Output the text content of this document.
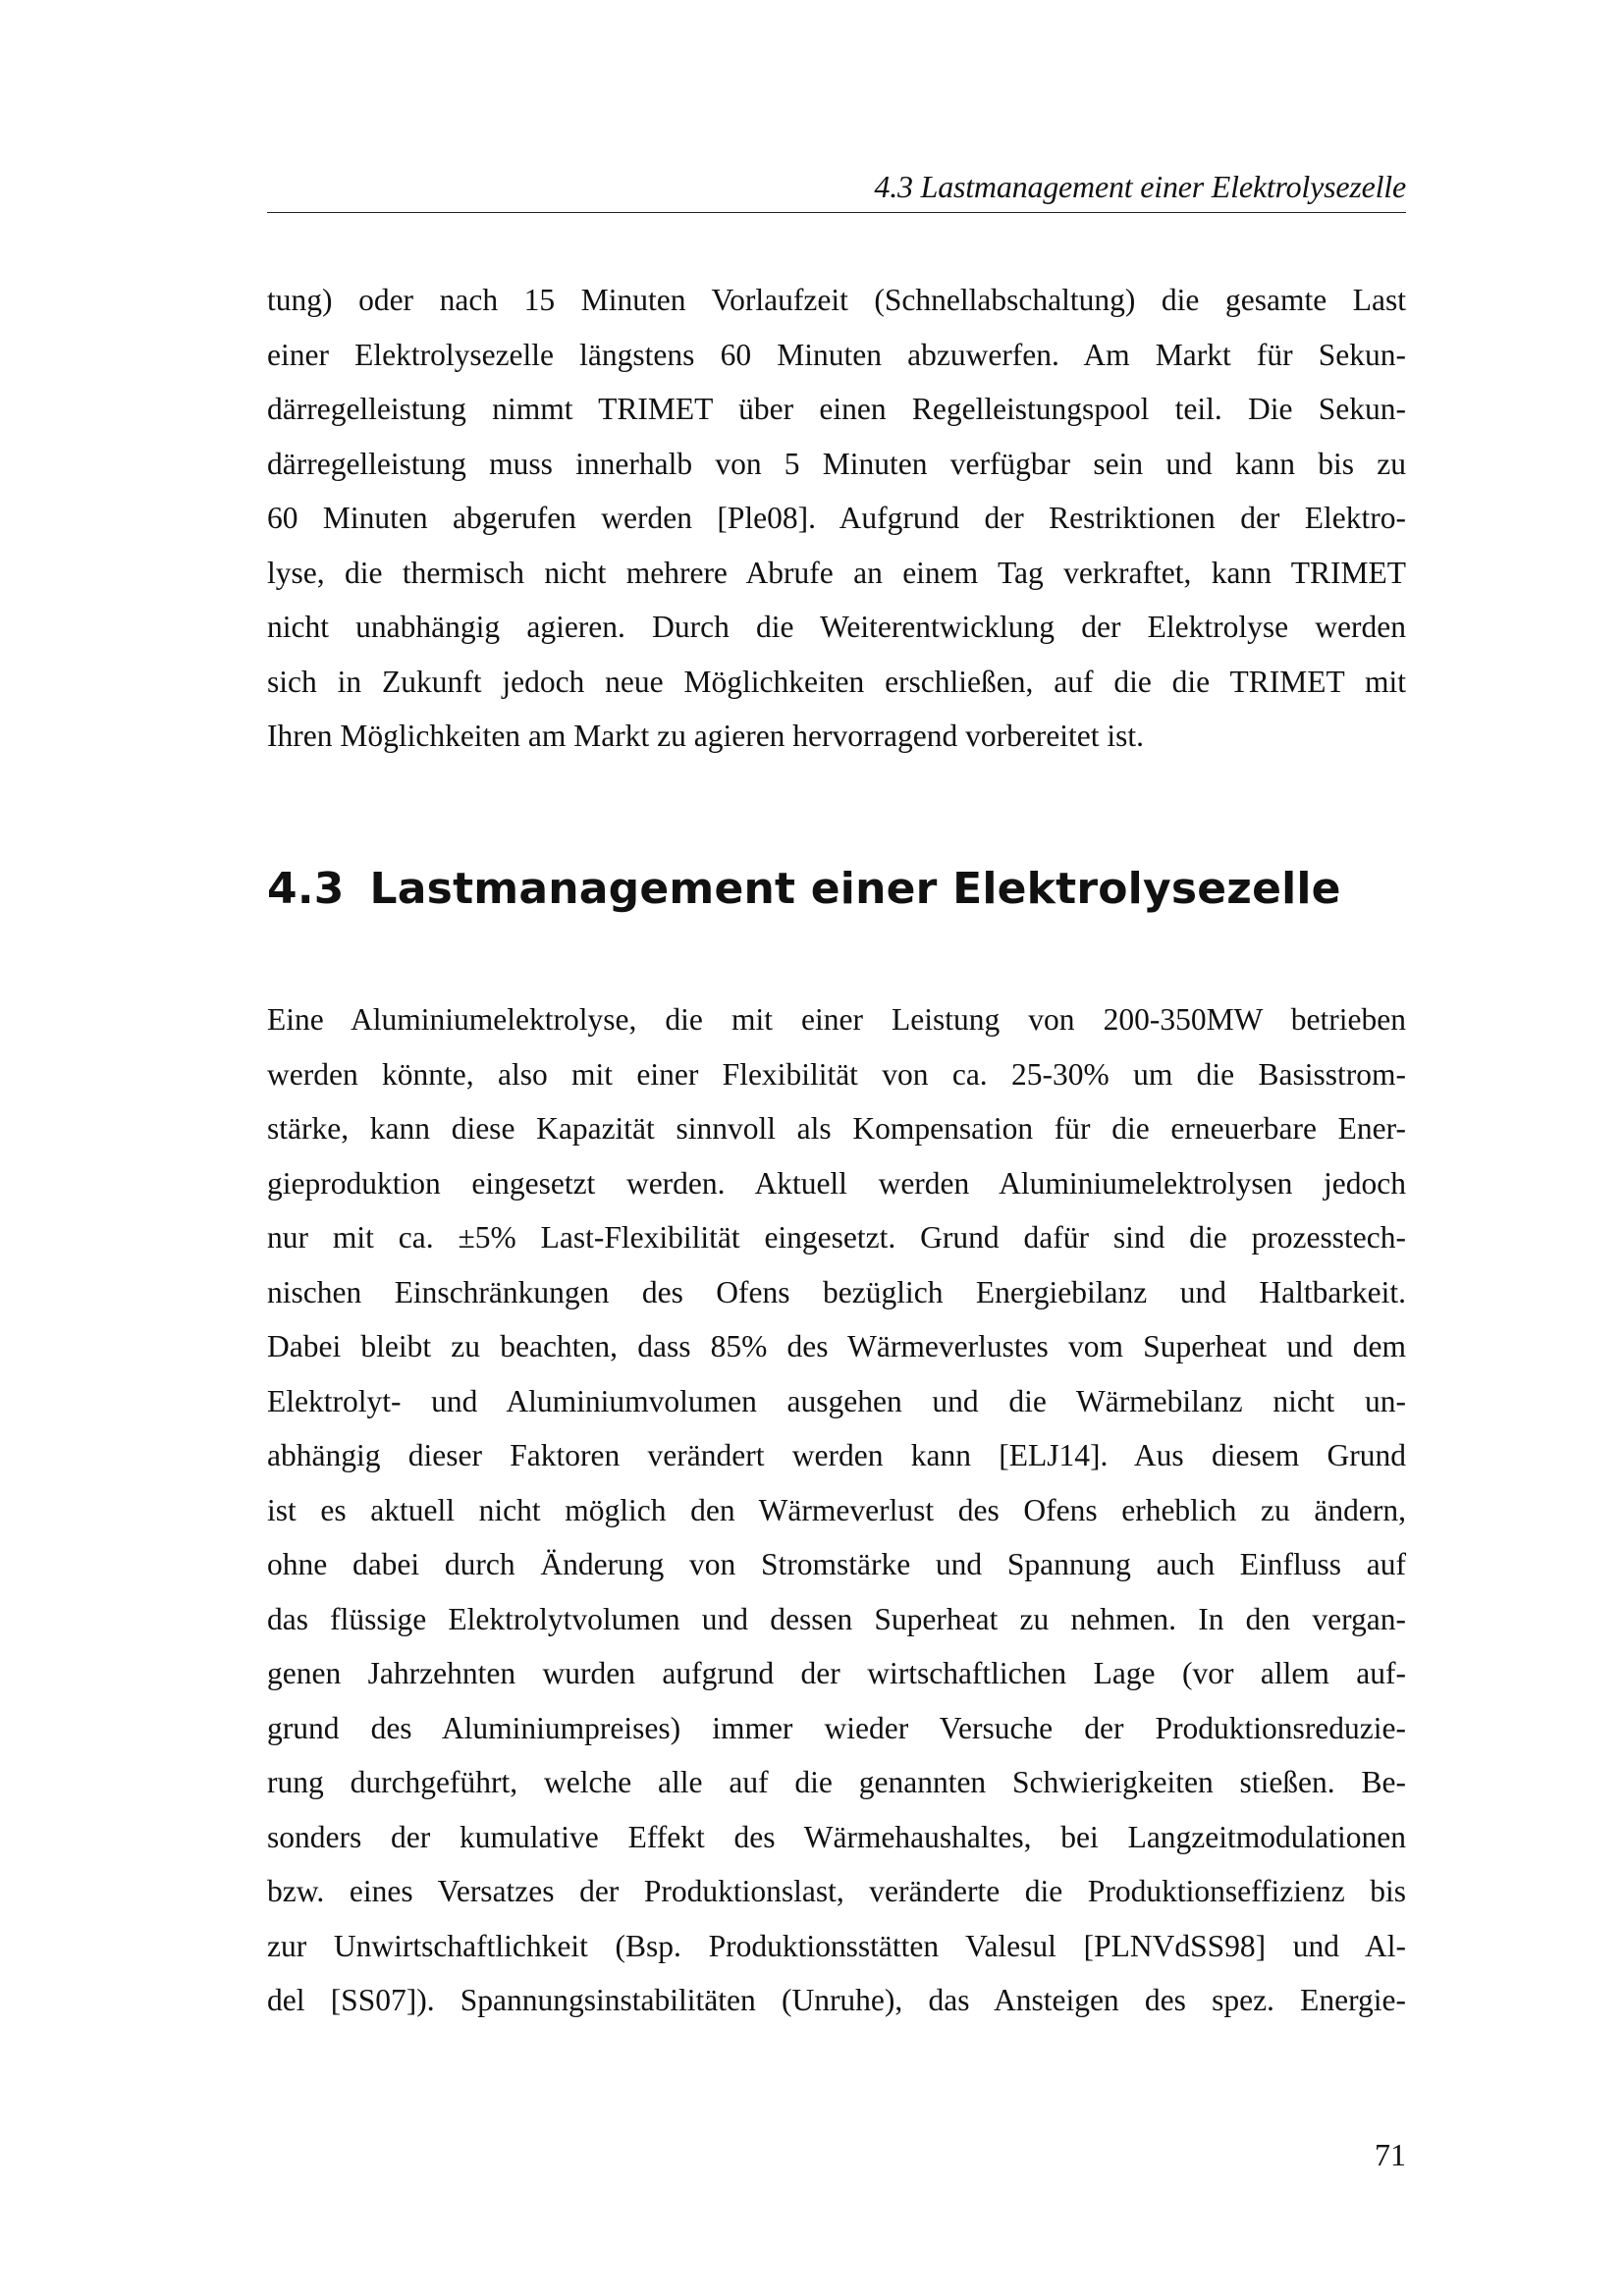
4.3 Lastmanagement einer Elektrolysezelle
tung) oder nach 15 Minuten Vorlaufzeit (Schnellabschaltung) die gesamte Last
einer Elektrolysezelle längstens 60 Minuten abzuwerfen. Am Markt für Sekun-
därregelleistung nimmt TRIMET über einen Regelleistungspool teil. Die Sekun-
därregelleistung muss innerhalb von 5 Minuten verfügbar sein und kann bis zu
60 Minuten abgerufen werden [Ple08]. Aufgrund der Restriktionen der Elektro-
lyse, die thermisch nicht mehrere Abrufe an einem Tag verkraftet, kann TRIMET
nicht unabhängig agieren. Durch die Weiterentwicklung der Elektrolyse werden
sich in Zukunft jedoch neue Möglichkeiten erschließen, auf die die TRIMET mit
Ihren Möglichkeiten am Markt zu agieren hervorragend vorbereitet ist.
4.3 Lastmanagement einer Elektrolysezelle
Eine Aluminiumelektrolyse, die mit einer Leistung von 200-350MW betrieben
werden könnte, also mit einer Flexibilität von ca. 25-30% um die Basisstrom-
stärke, kann diese Kapazität sinnvoll als Kompensation für die erneuerbare Ener-
gieproduktion eingesetzt werden. Aktuell werden Aluminiumelektrolysen jedoch
nur mit ca. ±5% Last-Flexibilität eingesetzt. Grund dafür sind die prozesstech-
nischen Einschränkungen des Ofens bezüglich Energiebilanz und Haltbarkeit.
Dabei bleibt zu beachten, dass 85% des Wärmeverlustes vom Superheat und dem
Elektrolyt- und Aluminiumvolumen ausgehen und die Wärmebilanz nicht un-
abhängig dieser Faktoren verändert werden kann [ELJ14]. Aus diesem Grund
ist es aktuell nicht möglich den Wärmeverlust des Ofens erheblich zu ändern,
ohne dabei durch Änderung von Stromstärke und Spannung auch Einfluss auf
das flüssige Elektrolytvolumen und dessen Superheat zu nehmen. In den vergan-
genen Jahrzehnten wurden aufgrund der wirtschaftlichen Lage (vor allem auf-
grund des Aluminiumpreises) immer wieder Versuche der Produktionsreduzie-
rung durchgeführt, welche alle auf die genannten Schwierigkeiten stießen. Be-
sonders der kumulative Effekt des Wärmehaushaltes, bei Langzeitmodulationen
bzw. eines Versatzes der Produktionslast, veränderte die Produktionseffizienz bis
zur Unwirtschaftlichkeit (Bsp. Produktionsstätten Valesul [PLNVdSS98] und Al-
del [SS07]). Spannungsinstabilitäten (Unruhe), das Ansteigen des spez. Energie-
71
